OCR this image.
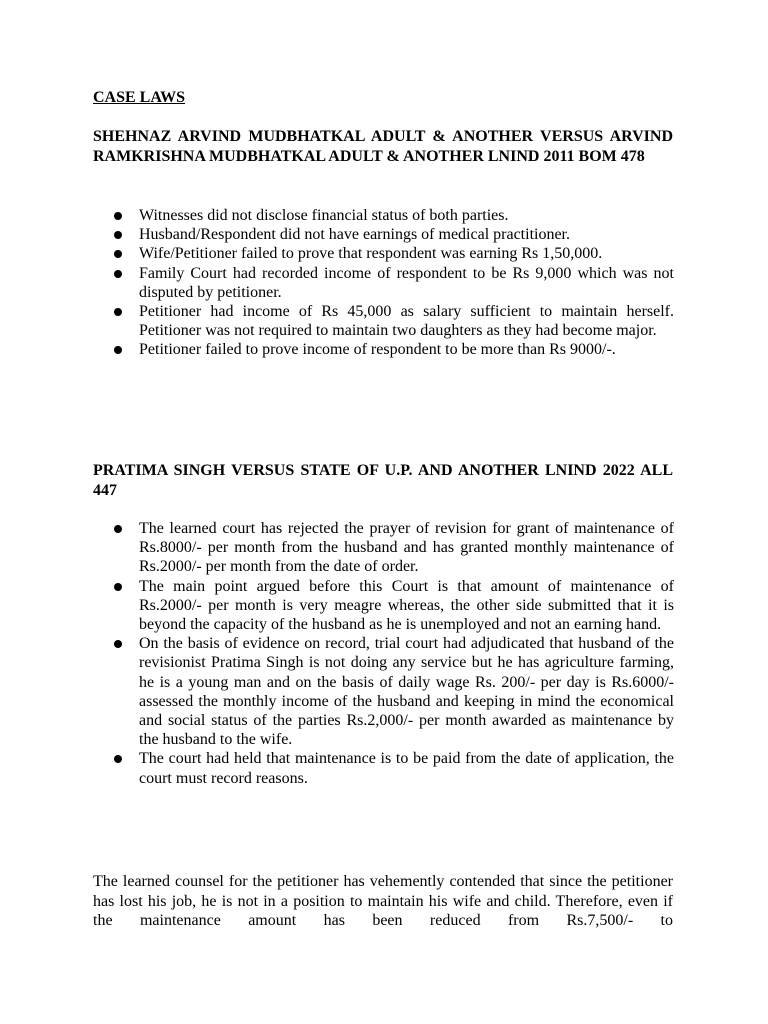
CASE LAWS
SHEHNAZ ARVIND MUDBHATKAL ADULT & ANOTHER VERSUS ARVIND RAMKRISHNA MUDBHATKAL ADULT & ANOTHER LNIND 2011 BOM 478
Witnesses did not disclose financial status of both parties.
Husband/Respondent did not have earnings of medical practitioner.
Wife/Petitioner failed to prove that respondent was earning Rs 1,50,000.
Family Court had recorded income of respondent to be Rs 9,000 which was not disputed by petitioner.
Petitioner had income of Rs 45,000 as salary sufficient to maintain herself. Petitioner was not required to maintain two daughters as they had become major.
Petitioner failed to prove income of respondent to be more than Rs 9000/-.
PRATIMA SINGH VERSUS STATE OF U.P. AND ANOTHER LNIND 2022 ALL 447
The learned court has rejected the prayer of revision for grant of maintenance of Rs.8000/- per month from the husband and has granted monthly maintenance of Rs.2000/- per month from the date of order.
The main point argued before this Court is that amount of maintenance of Rs.2000/- per month is very meagre whereas, the other side submitted that it is beyond the capacity of the husband as he is unemployed and not an earning hand.
On the basis of evidence on record, trial court had adjudicated that husband of the revisionist Pratima Singh is not doing any service but he has agriculture farming, he is a young man and on the basis of daily wage Rs. 200/- per day is Rs.6000/- assessed the monthly income of the husband and keeping in mind the economical and social status of the parties Rs.2,000/- per month awarded as maintenance by the husband to the wife.
The court had held that maintenance is to be paid from the date of application, the court must record reasons.

The learned counsel for the petitioner has vehemently contended that since the petitioner has lost his job, he is not in a position to maintain his wife and child. Therefore, even if the maintenance amount has been reduced from Rs.7,500/- to
